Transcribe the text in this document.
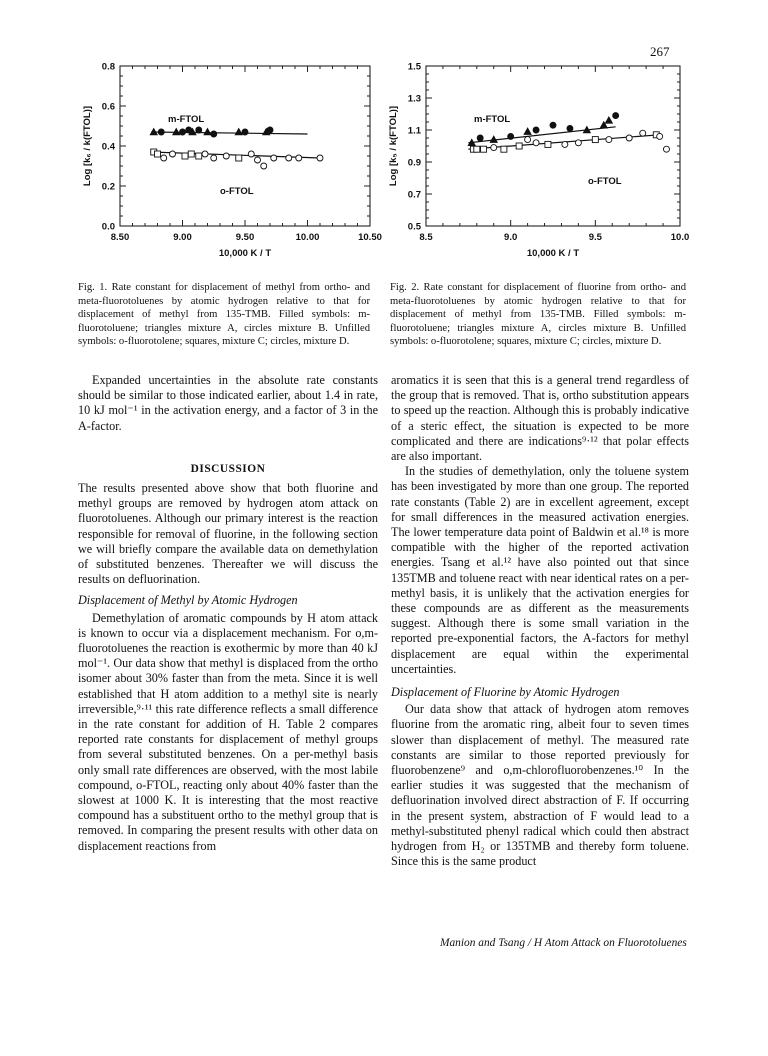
267
8.50	9.00	9.50	10.00	10.50
0.0
0.2
0.4
0.6
0.8
10,000 K / T
Log [k₆ / k(FTOL)]	m-FTOL
o-FTOL
8.5	9.0	9.5	10.0
0.5
0.7
0.9
1.1
1.3
1.5
10,000 K / T
Log [k₅ / k(FTOL)]	m-FTOL
o-FTOL
Fig. 1. Rate constant for displacement of methyl from ortho- and meta-fluorotoluenes by atomic hydrogen relative to that for displacement of methyl from 135-TMB. Filled symbols: m-fluorotoluene; triangles mixture A, circles mixture B. Unfilled symbols: o-fluorotolene; squares, mixture C; circles, mixture D.
Fig. 2. Rate constant for displacement of fluorine from ortho- and meta-fluorotoluenes by atomic hydrogen relative to that for displacement of methyl from 135-TMB. Filled symbols: m-fluorotoluene; triangles mixture A, circles mixture B. Unfilled symbols: o-fluorotolene; squares, mixture C; circles, mixture D.

Expanded uncertainties in the absolute rate constants should be similar to those indicated earlier, about 1.4 in rate, 10 kJ mol⁻¹ in the activation energy, and a factor of 3 in the A-factor.

DISCUSSION

The results presented above show that both fluorine and methyl groups are removed by hydrogen atom attack on fluorotoluenes. Although our primary interest is the reaction responsible for removal of fluorine, in the following section we will briefly compare the available data on demethylation of substituted benzenes. Thereafter we will discuss the results on defluorination.

Displacement of Methyl by Atomic Hydrogen

Demethylation of aromatic compounds by H atom attack is known to occur via a displacement mechanism. For o,m-fluorotoluenes the reaction is exothermic by more than 40 kJ mol⁻¹. Our data show that methyl is displaced from the ortho isomer about 30% faster than from the meta. Since it is well established that H atom addition to a methyl site is nearly irreversible,⁹·¹¹ this rate difference reflects a small difference in the rate constant for addition of H. Table 2 compares reported rate constants for displacement of methyl groups from several substituted benzenes. On a per-methyl basis only small rate differences are observed, with the most labile compound, o-FTOL, reacting only about 40% faster than the slowest at 1000 K. It is interesting that the most reactive compound has a substituent ortho to the methyl group that is removed. In comparing the present results with other data on displacement reactions from

aromatics it is seen that this is a general trend regardless of the group that is removed. That is, ortho substitution appears to speed up the reaction. Although this is probably indicative of a steric effect, the situation is expected to be more complicated and there are indications⁹·¹² that polar effects are also important.

In the studies of demethylation, only the toluene system has been investigated by more than one group. The reported rate constants (Table 2) are in excellent agreement, except for small differences in the measured activation energies. The lower temperature data point of Baldwin et al.¹⁸ is more compatible with the higher of the reported activation energies. Tsang et al.¹² have also pointed out that since 135TMB and toluene react with near identical rates on a per-methyl basis, it is unlikely that the activation energies for these compounds are as different as the measurements suggest. Although there is some small variation in the reported pre-exponential factors, the A-factors for methyl displacement are equal within the experimental uncertainties.

Displacement of Fluorine by Atomic Hydrogen

Our data show that attack of hydrogen atom removes fluorine from the aromatic ring, albeit four to seven times slower than displacement of methyl. The measured rate constants are similar to those reported previously for fluorobenzene⁹ and o,m-chlorofluorobenzenes.¹⁰ In the earlier studies it was suggested that the mechanism of defluorination involved direct abstraction of F. If occurring in the present system, abstraction of F would lead to a methyl-substituted phenyl radical which could then abstract hydrogen from H₂ or 135TMB and thereby form toluene. Since this is the same product

Manion and Tsang / H Atom Attack on Fluorotoluenes
